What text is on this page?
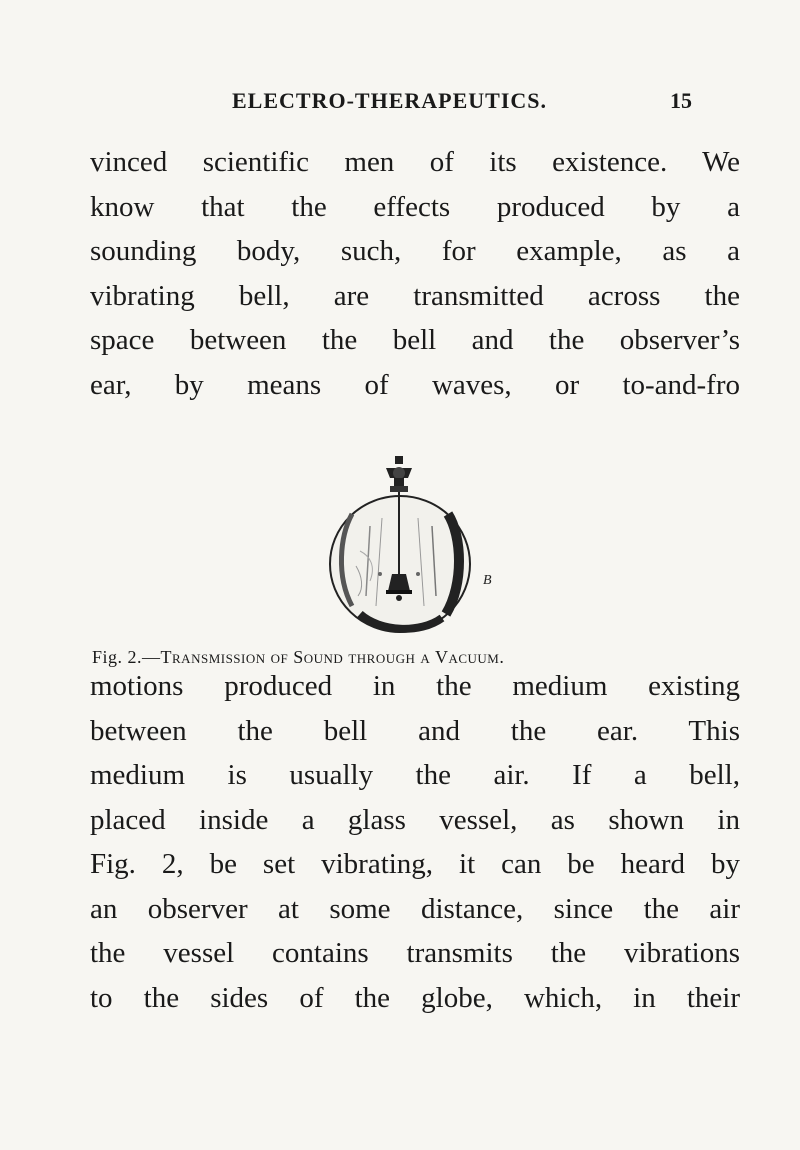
ELECTRO-THERAPEUTICS.	15
vinced scientific men of its existence. We
know that the effects produced by a
sounding body, such, for example, as a
vibrating bell, are transmitted across the
space between the bell and the observer’s
ear, by means of waves, or to-and-fro
B
Fig. 2.—Transmission of Sound through a Vacuum.
motions produced in the medium existing
between the bell and the ear. This
medium is usually the air. If a bell,
placed inside a glass vessel, as shown in
Fig. 2, be set vibrating, it can be heard by
an observer at some distance, since the air
the vessel contains transmits the vibrations
to the sides of the globe, which, in their
